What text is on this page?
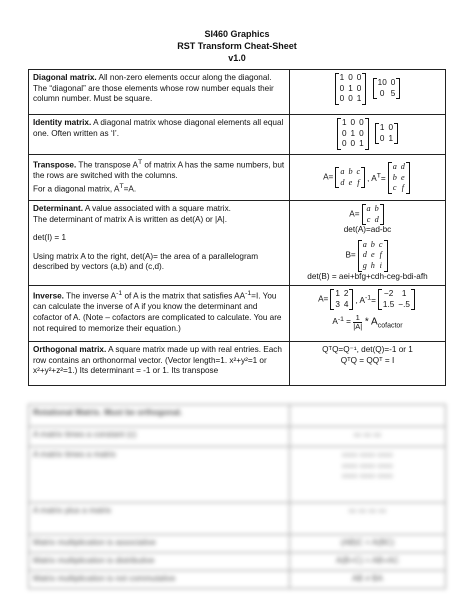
SI460 Graphics
RST Transform Cheat-Sheet
v1.0
Diagonal matrix. All non-zero elements occur along the diagonal. The “diagonal” are those elements whose row number equals their column number. Must be square.	
1	0	0
0	1	0
0	0	1

10	0
0	5

Identity matrix. A diagonal matrix whose diagonal elements all equal one. Often written as ‘I’.	
1	0	0
0	1	0
0	0	1

1	0
0	1

Transpose. The transpose $A^T$ of matrix A has the same numbers, but the rows are switched with the columns.
For a diagonal matrix, $A^T=A$.	
A=
a	b	c
d	e	f , $A^T=$
a	d
b	e
c	f

Determinant. A value associated with a square matrix.
The determinant of matrix A is written as det(A) or |A|.
det(I) = 1
Using matrix A to the right, det(A)= the area of a parallelogram described by vectors (a,b) and (c,d).

A=
a	b
c	d
det(A)=ad-bc
B=
a	b	c
d	e	f
g	h	i
det(B) = aei+bfg+cdh-ceg-bdi-afh

Inverse. The inverse $A^{-1}$ of A is the matrix that satisfies $AA^{-1}=I$. You can calculate the inverse of A if you know the determinant and cofactor of A. (Note – cofactors are complicated to calculate. You are not required to memorize their equation.)	
A=
1	2
3	4 , $A^{-1}=$
−2	1
1.5	−.5
$A^{-1} = \frac{1}{|A|} * A_{cofactor}$

Orthogonal matrix. A square matrix made up with real entries. Each row contains an orthonormal vector. (Vector length=1. x²+y²=1 or x²+y²+z²=1.) Its determinant = -1 or 1. Its transpose	
QᵀQ=Q⁻¹, det(Q)=-1 or 1
QᵀQ = QQᵀ = I
Rotational Matrix. Must be orthogonal.	
A matrix times a constant (c)	▭ ▭ ▭
A matrix times a matrix	▭▭ ▭▭ ▭▭
▭▭ ▭▭ ▭▭
▭▭ ▭▭ ▭▭
A matrix plus a matrix	▭ ▭ ▭ ▭
Matrix multiplication is associative	(AB)C = A(BC)
Matrix multiplication is distributive	A(B+C) = AB+AC
Matrix multiplication is not commutative	AB ≠ BA
